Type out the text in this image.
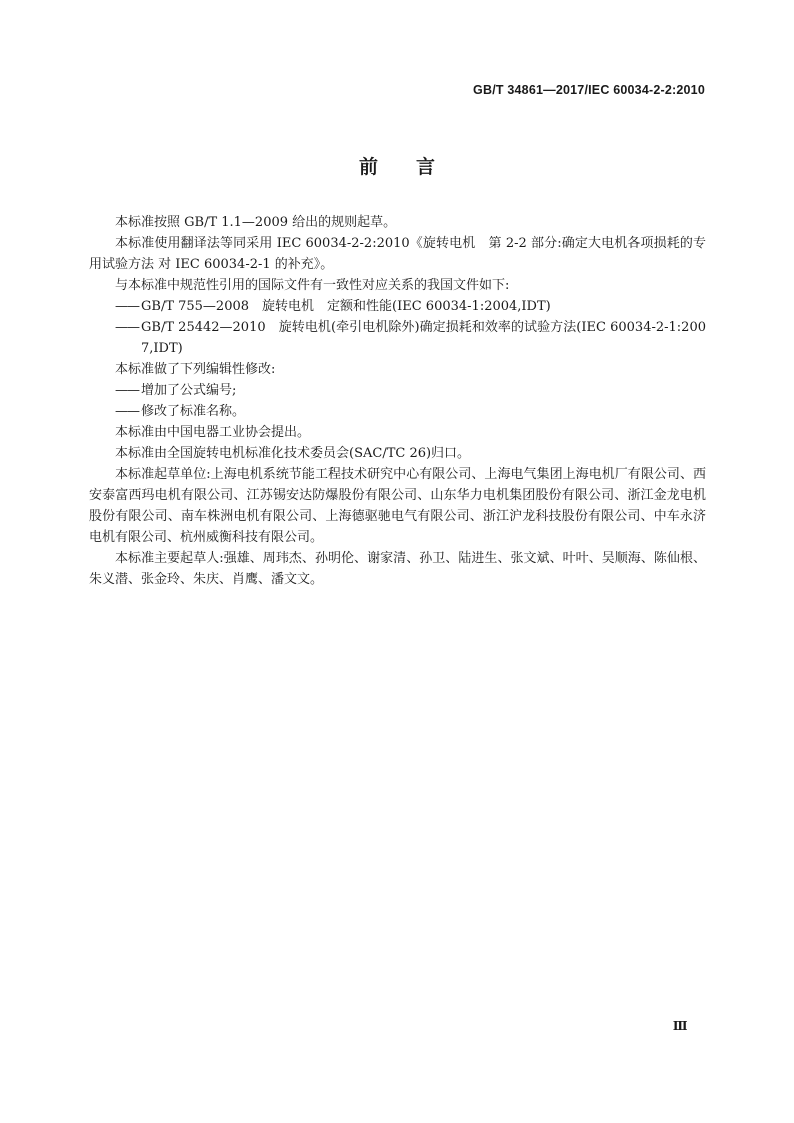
GB/T 34861—2017/IEC 60034-2-2:2010
前言

本标准按照 GB/T 1.1—2009 给出的规则起草。

本标准使用翻译法等同采用 IEC 60034-2-2:2010《旋转电机　第 2-2 部分:确定大电机各项损耗的专用试验方法 对 IEC 60034-2-1 的补充》。

与本标准中规范性引用的国际文件有一致性对应关系的我国文件如下:

—— GB/T 755—2008　旋转电机　定额和性能(IEC 60034-1:2004,IDT)

—— GB/T 25442—2010　旋转电机(牵引电机除外)确定损耗和效率的试验方法(IEC 60034-2-1:2007,IDT)

本标准做了下列编辑性修改:

—— 增加了公式编号;

—— 修改了标准名称。

本标准由中国电器工业协会提出。

本标准由全国旋转电机标准化技术委员会(SAC/TC 26)归口。

本标准起草单位:上海电机系统节能工程技术研究中心有限公司、上海电气集团上海电机厂有限公司、西安泰富西玛电机有限公司、江苏锡安达防爆股份有限公司、山东华力电机集团股份有限公司、浙江金龙电机股份有限公司、南车株洲电机有限公司、上海德驱驰电气有限公司、浙江沪龙科技股份有限公司、中车永济电机有限公司、杭州威衡科技有限公司。

本标准主要起草人:强雄、周玮杰、孙明伦、谢家清、孙卫、陆进生、张文斌、叶叶、吴顺海、陈仙根、朱义潜、张金玲、朱庆、肖鹰、潘文文。

Ⅲ
